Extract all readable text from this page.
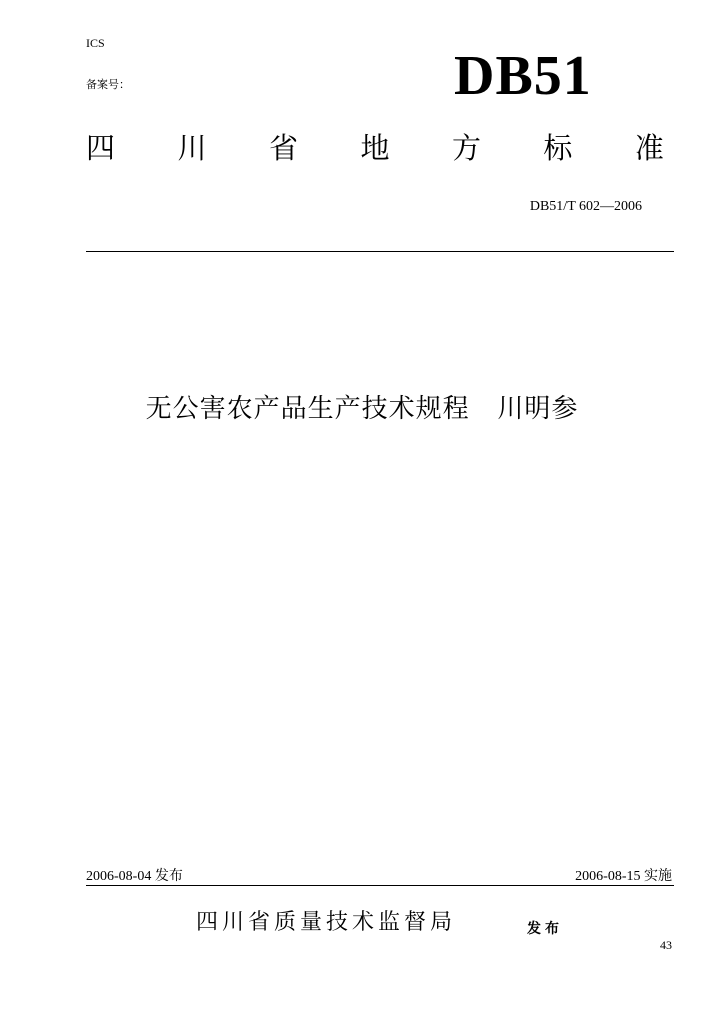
ICS
备案号：	DB51
四 川 省 地 方 标 准
DB51/T 602—2006
无公害农产品生产技术规程   川明参
2006-08-04 发布	2006-08-15 实施
四川省质量技术监督局	发布
43
